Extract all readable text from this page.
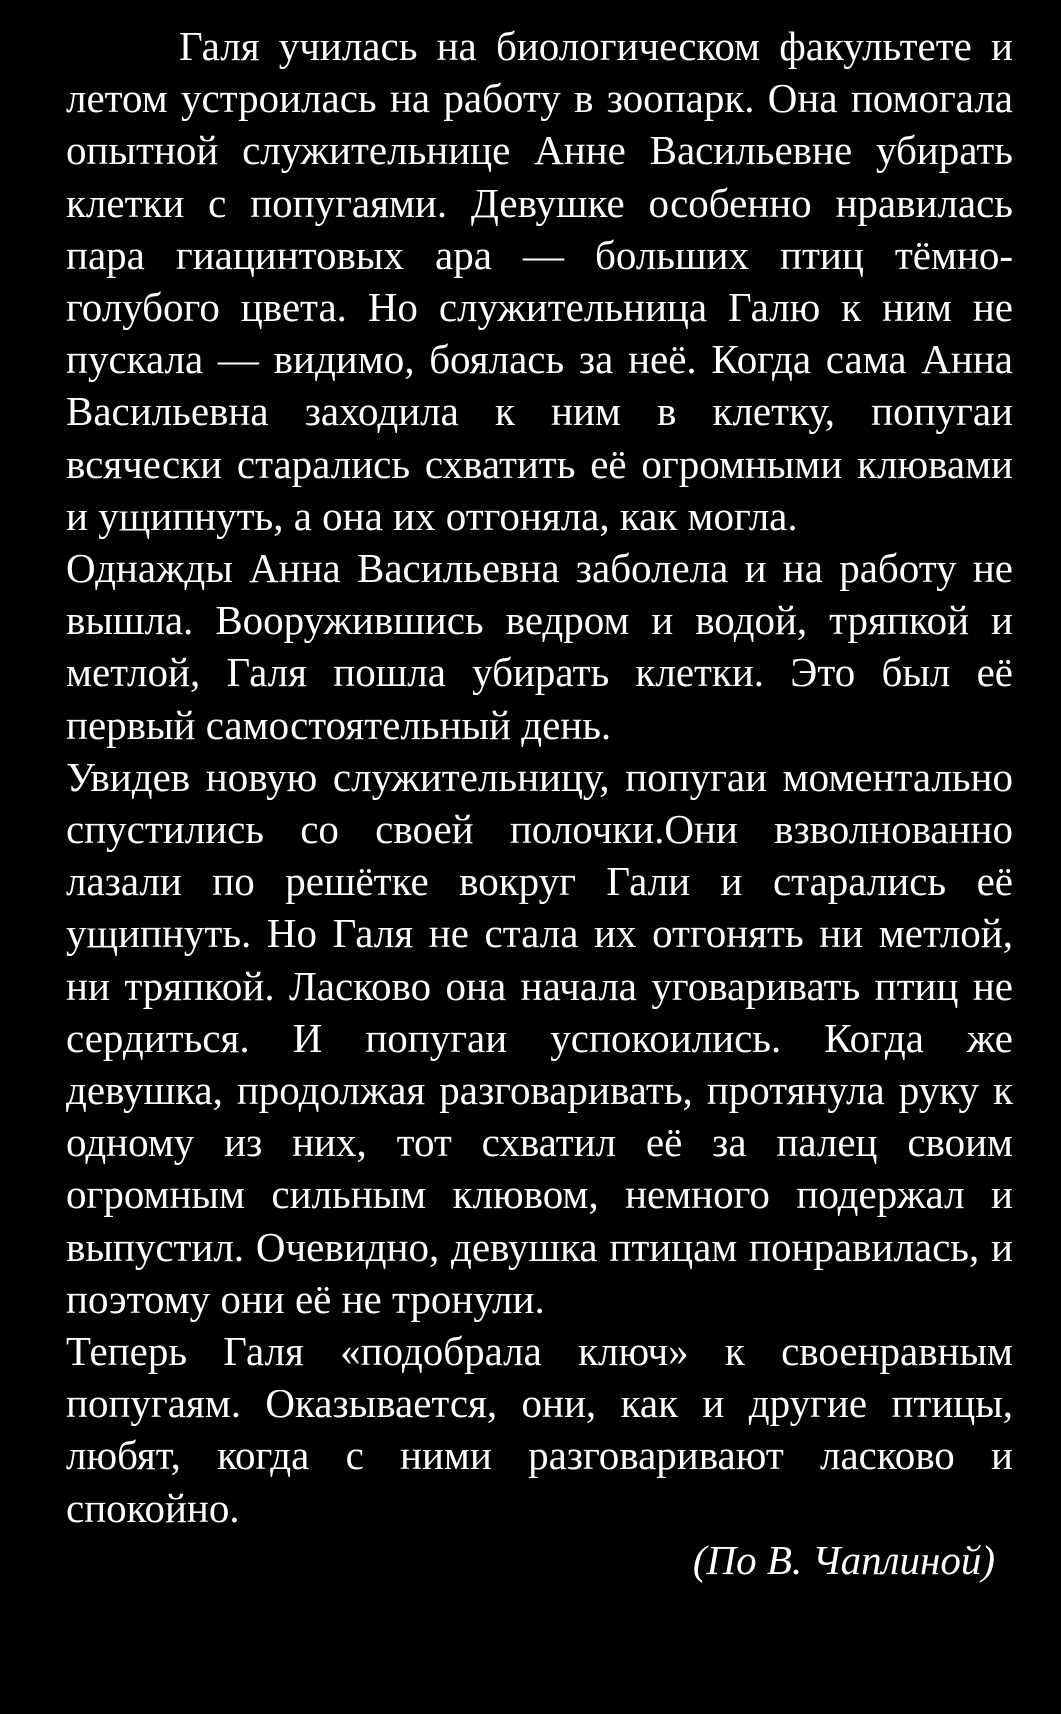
Галя училась на биологическом факультете и летом устроилась на работу в зоопарк. Она помогала опытной служительнице Анне Васильевне убирать клетки с попугаями. Девушке особенно нравилась пара гиацинтовых ара — больших птиц тёмно-голубого цвета. Но служительница Галю к ним не пускала — видимо, боялась за неё. Когда сама Анна Васильевна заходила к ним в клетку, попугаи всячески старались схватить её огромными клювами и ущипнуть, а она их отгоняла, как могла.

Однажды Анна Васильевна заболела и на работу не вышла. Вооружившись ведром и водой, тряпкой и метлой, Галя пошла убирать клетки. Это был её первый самостоятельный день.

Увидев новую служительницу, попугаи моментально спустились со своей полочки.Они взволнованно лазали по решётке вокруг Гали и старались её ущипнуть. Но Галя не стала их отгонять ни метлой, ни тряпкой. Ласково она начала уговаривать птиц не сердиться. И попугаи успокоились. Когда же девушка, продолжая разговаривать, протянула руку к одному из них, тот схватил её за палец своим огромным сильным клювом, немного подержал и выпустил. Очевидно, девушка птицам понравилась, и поэтому они её не тронули.

Теперь Галя «подобрала ключ» к своенравным попугаям. Оказывается, они, как и другие птицы, любят, когда с ними разговаривают ласково и спокойно.

(По В. Чаплиной)
